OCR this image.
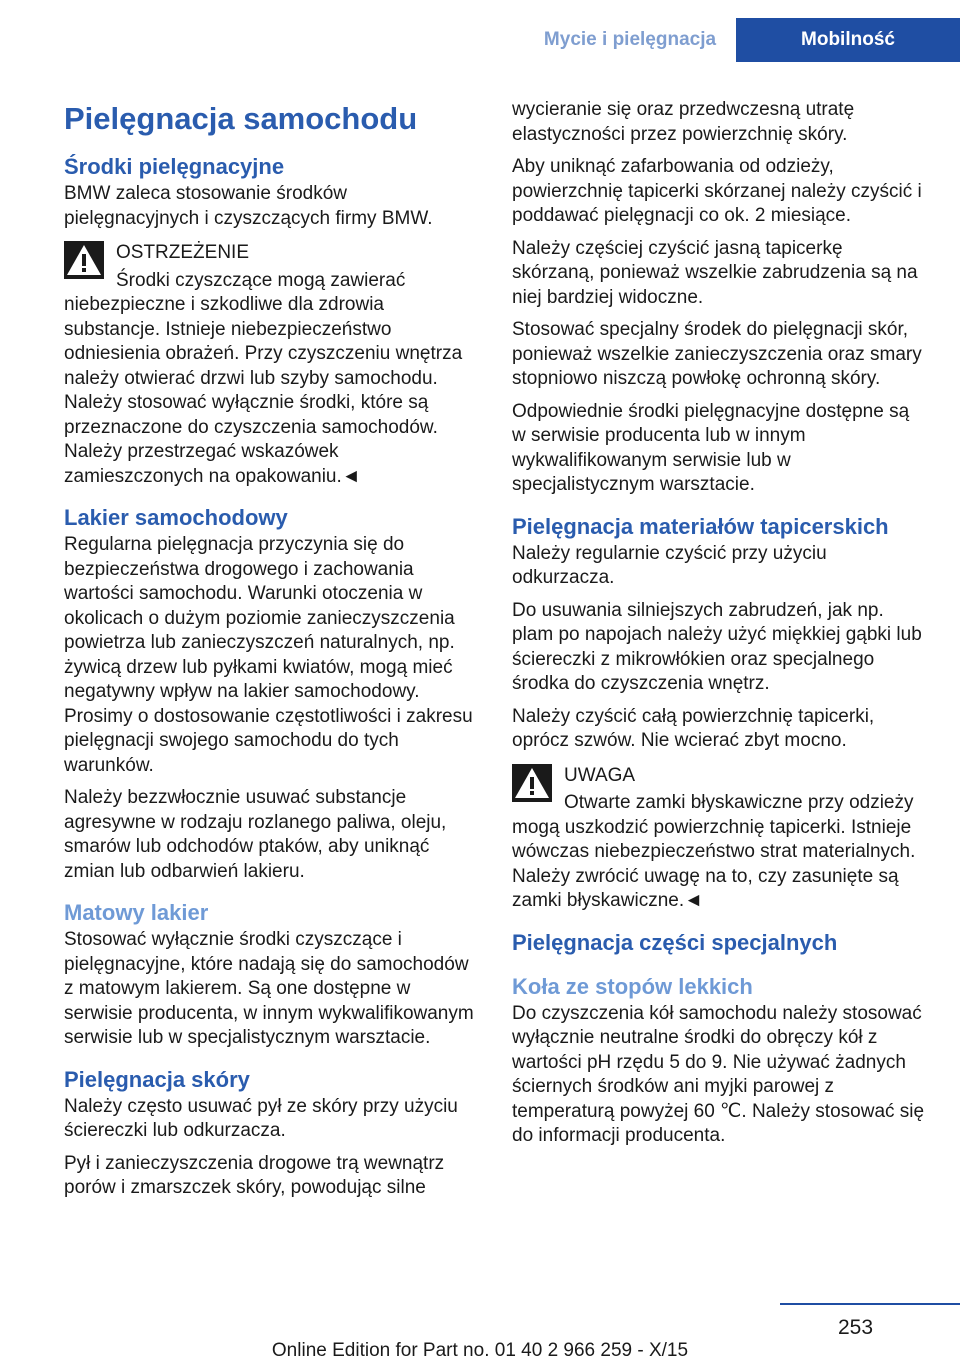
Mycie i pielęgnacja	Mobilność
Pielęgnacja samochodu
Środki pielęgnacyjne

BMW zaleca stosowanie środków pielęgnacyjnych i czyszczących firmy BMW.

OSTRZEŻENIE

Środki czyszczące mogą zawierać niebezpieczne i szkodliwe dla zdrowia substancje. Istnieje niebezpieczeństwo odniesienia obrażeń. Przy czyszczeniu wnętrza należy otwierać drzwi lub szyby samochodu. Należy stosować wyłącznie środki, które są przeznaczone do czyszczenia samochodów. Należy przestrzegać wskazówek zamieszczonych na opakowaniu.◄

Lakier samochodowy

Regularna pielęgnacja przyczynia się do bezpieczeństwa drogowego i zachowania wartości samochodu. Warunki otoczenia w okolicach o dużym poziomie zanieczyszczenia powietrza lub zanieczyszczeń naturalnych, np. żywicą drzew lub pyłkami kwiatów, mogą mieć negatywny wpływ na lakier samochodowy. Prosimy o dostosowanie częstotliwości i zakresu pielęgnacji swojego samochodu do tych warunków.

Należy bezzwłocznie usuwać substancje agresywne w rodzaju rozlanego paliwa, oleju, smarów lub odchodów ptaków, aby uniknąć zmian lub odbarwień lakieru.

Matowy lakier

Stosować wyłącznie środki czyszczące i pielęgnacyjne, które nadają się do samochodów z matowym lakierem. Są one dostępne w serwisie producenta, w innym wykwalifikowanym serwisie lub w specjalistycznym warsztacie.

Pielęgnacja skóry

Należy często usuwać pył ze skóry przy użyciu ściereczki lub odkurzacza.

Pył i zanieczyszczenia drogowe trą wewnątrz porów i zmarszczek skóry, powodując silne

wycieranie się oraz przedwczesną utratę elastyczności przez powierzchnię skóry.

Aby uniknąć zafarbowania od odzieży, powierzchnię tapicerki skórzanej należy czyścić i poddawać pielęgnacji co ok. 2 miesiące.

Należy częściej czyścić jasną tapicerkę skórzaną, ponieważ wszelkie zabrudzenia są na niej bardziej widoczne.

Stosować specjalny środek do pielęgnacji skór, ponieważ wszelkie zanieczyszczenia oraz smary stopniowo niszczą powłokę ochronną skóry.

Odpowiednie środki pielęgnacyjne dostępne są w serwisie producenta lub w innym wykwalifikowanym serwisie lub w specjalistycznym warsztacie.

Pielęgnacja materiałów tapicerskich

Należy regularnie czyścić przy użyciu odkurzacza.

Do usuwania silniejszych zabrudzeń, jak np. plam po napojach należy użyć miękkiej gąbki lub ściereczki z mikrowłókien oraz specjalnego środka do czyszczenia wnętrz.

Należy czyścić całą powierzchnię tapicerki, oprócz szwów. Nie wcierać zbyt mocno.

UWAGA

Otwarte zamki błyskawiczne przy odzieży mogą uszkodzić powierzchnię tapicerki. Istnieje wówczas niebezpieczeństwo strat materialnych. Należy zwrócić uwagę na to, czy zasunięte są zamki błyskawiczne.◄

Pielęgnacja części specjalnych
Koła ze stopów lekkich

Do czyszczenia kół samochodu należy stosować wyłącznie neutralne środki do obręczy kół z wartości pH rzędu 5 do 9. Nie używać żadnych ściernych środków ani myjki parowej z temperaturą powyżej 60 ℃. Należy stosować się do informacji producenta.

253
Online Edition for Part no. 01 40 2 966 259 - X/15
